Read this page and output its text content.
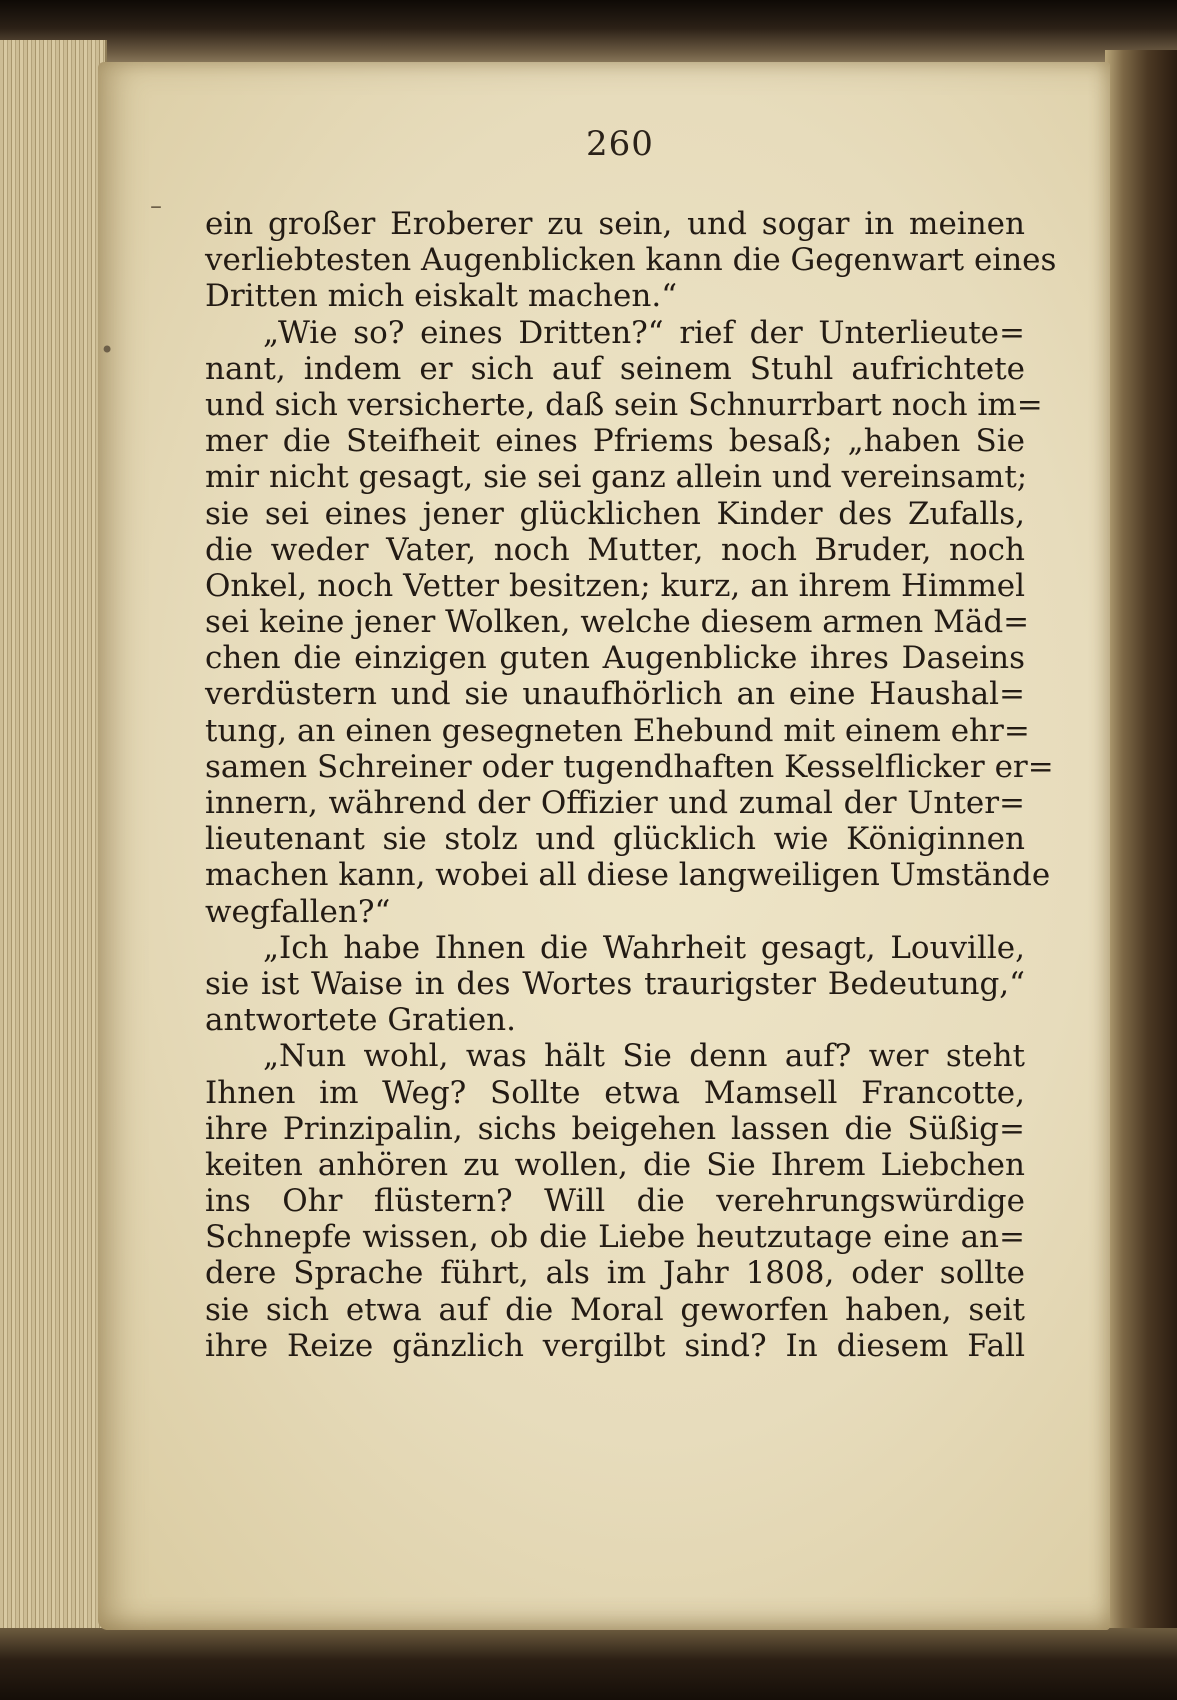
–
•
260
ein großer Eroberer zu sein, und sogar in meinen
verliebtesten Augenblicken kann die Gegenwart eines
Dritten mich eiskalt machen.“
„Wie so? eines Dritten?“ rief der Unterlieute=
nant, indem er sich auf seinem Stuhl aufrichtete
und sich versicherte, daß sein Schnurrbart noch im=
mer die Steifheit eines Pfriems besaß; „haben Sie
mir nicht gesagt, sie sei ganz allein und vereinsamt;
sie sei eines jener glücklichen Kinder des Zufalls,
die weder Vater, noch Mutter, noch Bruder, noch
Onkel, noch Vetter besitzen; kurz, an ihrem Himmel
sei keine jener Wolken, welche diesem armen Mäd=
chen die einzigen guten Augenblicke ihres Daseins
verdüstern und sie unaufhörlich an eine Haushal=
tung, an einen gesegneten Ehebund mit einem ehr=
samen Schreiner oder tugendhaften Kesselflicker er=
innern, während der Offizier und zumal der Unter=
lieutenant sie stolz und glücklich wie Königinnen
machen kann, wobei all diese langweiligen Umstände
wegfallen?“
„Ich habe Ihnen die Wahrheit gesagt, Louville,
sie ist Waise in des Wortes traurigster Bedeutung,“
antwortete Gratien.
„Nun wohl, was hält Sie denn auf? wer steht
Ihnen im Weg? Sollte etwa Mamsell Francotte,
ihre Prinzipalin, sichs beigehen lassen die Süßig=
keiten anhören zu wollen, die Sie Ihrem Liebchen
ins Ohr flüstern? Will die verehrungswürdige
Schnepfe wissen, ob die Liebe heutzutage eine an=
dere Sprache führt, als im Jahr 1808, oder sollte
sie sich etwa auf die Moral geworfen haben, seit
ihre Reize gänzlich vergilbt sind? In diesem Fall
